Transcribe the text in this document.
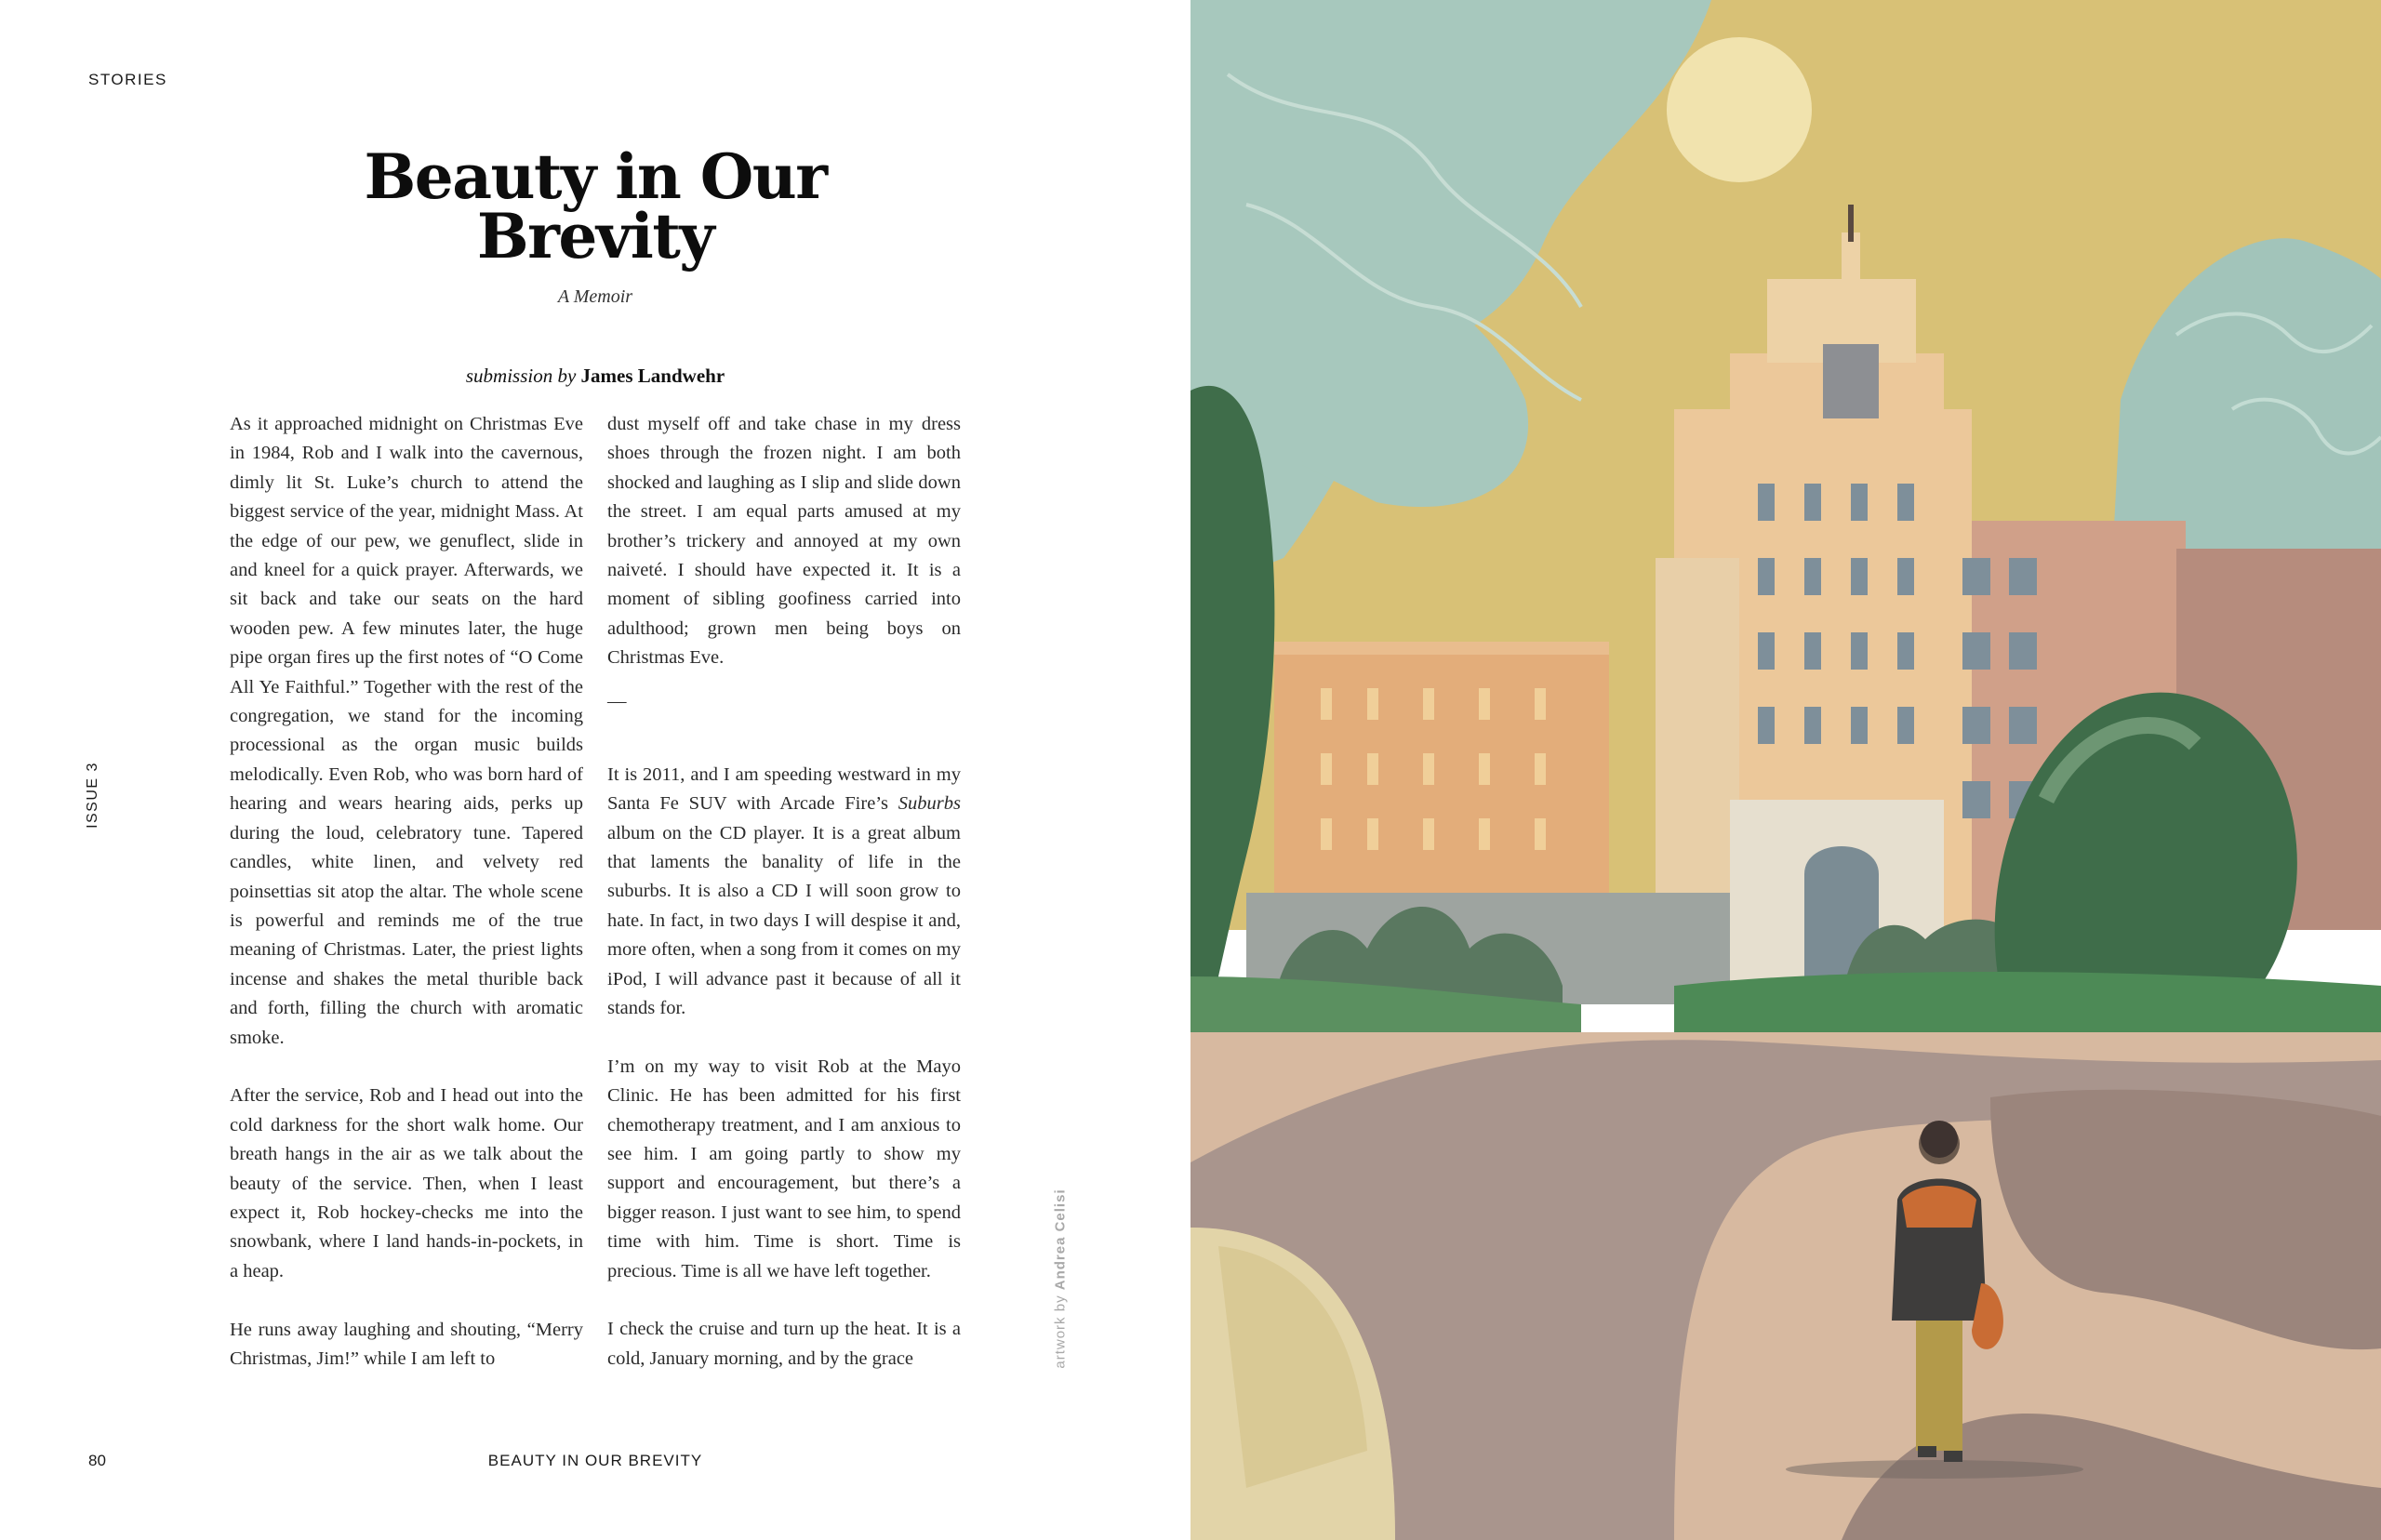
STORIES
Beauty in Our Brevity
A Memoir
submission by James Landwehr
ISSUE 3

As it approached midnight on Christmas Eve in 1984, Rob and I walk into the cavernous, dimly lit St. Luke’s church to attend the biggest service of the year, midnight Mass. At the edge of our pew, we genuflect, slide in and kneel for a quick prayer. Afterwards, we sit back and take our seats on the hard wooden pew. A few minutes later, the huge pipe organ fires up the first notes of “O Come All Ye Faithful.” Together with the rest of the congregation, we stand for the incoming processional as the organ music builds melodically. Even Rob, who was born hard of hearing and wears hearing aids, perks up during the loud, celebratory tune. Tapered candles, white linen, and velvety red poinsettias sit atop the altar. The whole scene is powerful and reminds me of the true meaning of Christmas. Later, the priest lights incense and shakes the metal thurible back and forth, filling the church with aromatic smoke.

After the service, Rob and I head out into the cold darkness for the short walk home. Our breath hangs in the air as we talk about the beauty of the service. Then, when I least expect it, Rob hockey-checks me into the snowbank, where I land hands-in-pockets, in a heap.

He runs away laughing and shouting, “Merry Christmas, Jim!” while I am left to

dust myself off and take chase in my dress shoes through the frozen night. I am both shocked and laughing as I slip and slide down the street. I am equal parts amused at my brother’s trickery and annoyed at my own naiveté. I should have expected it. It is a moment of sibling goofiness carried into adulthood; grown men being boys on Christmas Eve.

—

It is 2011, and I am speeding westward in my Santa Fe SUV with Arcade Fire’s Suburbs album on the CD player. It is a great album that laments the banality of life in the suburbs. It is also a CD I will soon grow to hate. In fact, in two days I will despise it and, more often, when a song from it comes on my iPod, I will advance past it because of all it stands for.

I’m on my way to visit Rob at the Mayo Clinic. He has been admitted for his first chemotherapy treatment, and I am anxious to see him. I am going partly to show my support and encouragement, but there’s a bigger reason. I just want to see him, to spend time with him. Time is short. Time is precious. Time is all we have left together.

I check the cruise and turn up the heat. It is a cold, January morning, and by the grace	artwork by Andrea Celisi
80	BEAUTY IN OUR BREVITY
